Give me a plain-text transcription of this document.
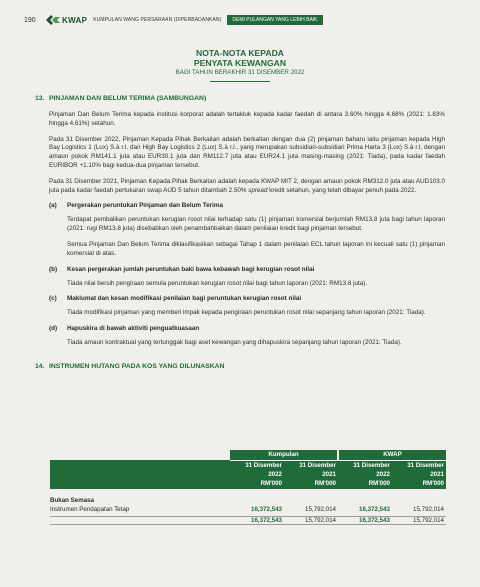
190	KWAP KUMPULAN WANG PERSARAAN (DIPERBADANKAN)	DEMI PULANGAN YANG LEBIH BAIK
NOTA-NOTA KEPADA
PENYATA KEWANGAN
BAGI TAHUN BERAKHIR 31 DISEMBER 2022
13. PINJAMAN DAN BELUM TERIMA (SAMBUNGAN)

Pinjaman Dan Belum Terima kepada institusi korporat adalah tertakluk kepada kadar faedah di antara 3.60% hingga 4.68% (2021: 1.83% hingga 4.61%) setahun.

Pada 31 Disember 2022, Pinjaman Kepada Pihak Berkaitan adalah berkaitan dengan dua (2) pinjaman baharu iaitu pinjaman kepada High Bay Logistics 1 (Lux) S.à r.l. dan High Bay Logistics 2 (Lux) S.à r.l., yang merupakan subsidiari-subsidiari Prima Harta 3 (Lux) S.à r.l, dengan amaun pokok RM141.1 juta atau EUR30.1 juta dan RM112.7 juta atau EUR24.1 juta masing-masing (2021: Tiada), pada kadar faedah EURIBOR +1.10% bagi kedua-dua pinjaman tersebut.

Pada 31 Disember 2021, Pinjaman Kepada Pihak Berkaitan adalah kepada KWAP MIT 2, dengan amaun pokok RM312.0 juta atau AUD103.0 juta pada kadar faedah pertukaran swap AUD 5 tahun ditambah 2.50% spread kredit setahun, yang telah dibayar penuh pada 2022.

(a)	Pergerakan peruntukan Pinjaman dan Belum Terima

Terdapat pembalikan peruntukan kerugian rosot nilai terhadap satu (1) pinjaman komersial berjumlah RM13.8 juta bagi tahun laporan (2021: rugi RM13.8 juta) disebabkan oleh penambahbaikan dalam penilaian kredit bagi pinjaman tersebut.

Semua Pinjaman Dan Belum Terima diklasifikasikan sebagai Tahap 1 dalam penilaian ECL tahun laporan ini kecuali satu (1) pinjaman komersial di atas.

(b)	Kesan pergerakan jumlah peruntukan baki bawa kebawah bagi kerugian rosot nilai

Tiada nilai bersih pengiraan semula peruntukan kerugian rosot nilai bagi tahun laporan (2021: RM13.8 juta).

(c)	Maklumat dan kesan modifikasi penilaian bagi peruntukan kerugian rosot nilai

Tiada modifikasi pinjaman yang memberi impak kepada pengiraan peruntukan rosot nilai sepanjang tahun laporan (2021: Tiada).

(d)	Hapuskira di bawah aktiviti penguatkuasaan

Tiada amaun kontraktual yang tertunggak bagi aset kewangan yang dihapuskira sepanjang tahun laporan (2021: Tiada).

14. INSTRUMEN HUTANG PADA KOS YANG DILUNASKAN
	Kumpulan		KWAP	
	31 Disember	31 Disember	31 Disember	31 Disember
	2022	2021	2022	2021
	RM'000	RM'000	RM'000	RM'000

Bukan Semasa				
Instrumen Pendapatan Tetap	16,372,543	15,792,014	16,372,543	15,792,014
	16,372,543	15,792,014	16,372,543	15,792,014
